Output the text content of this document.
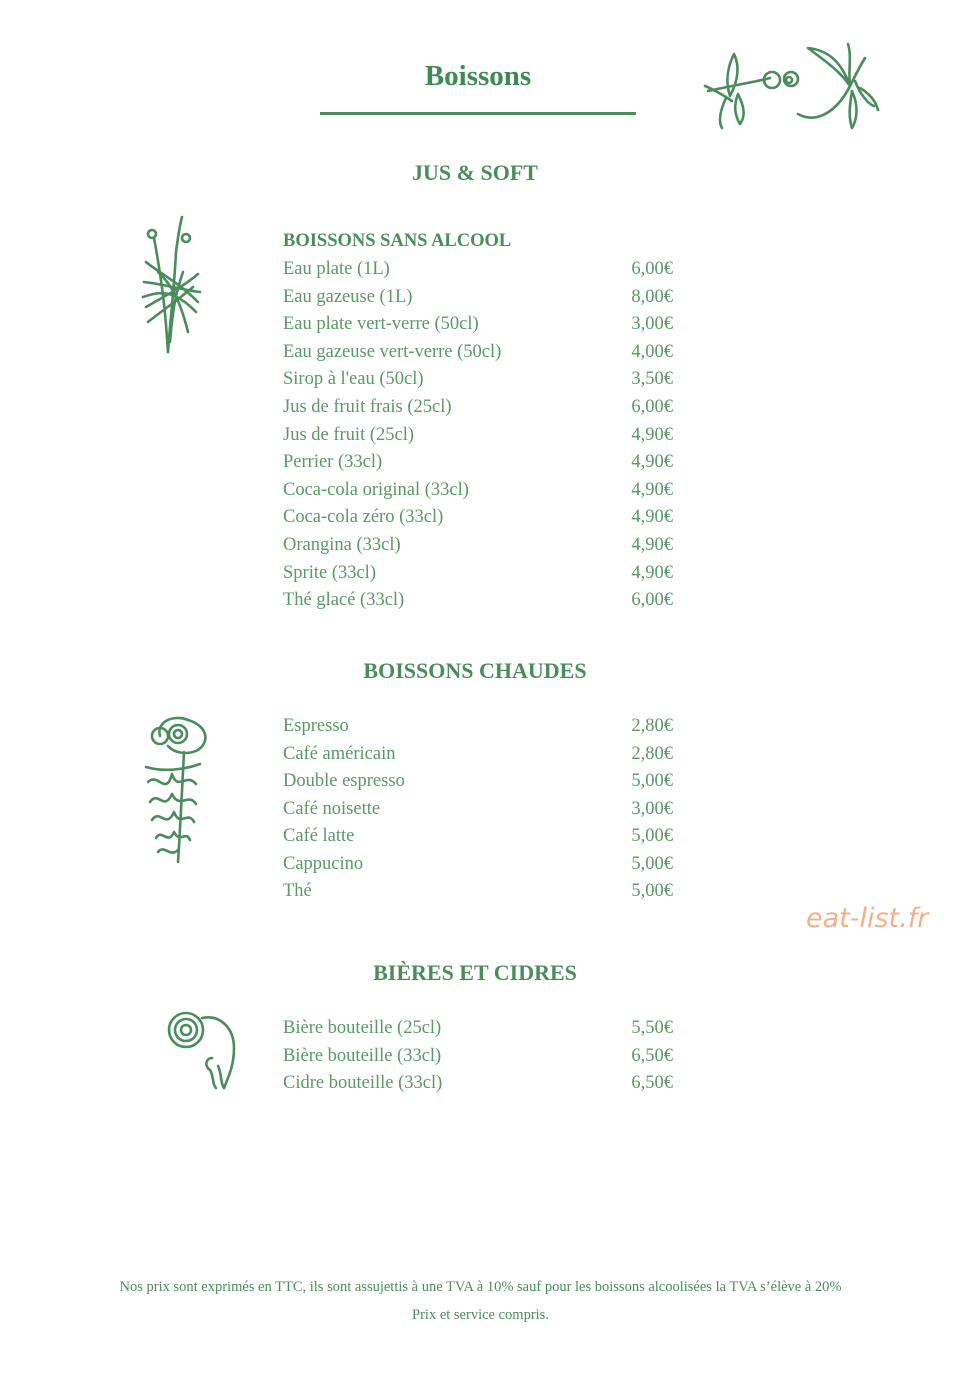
Boissons
JUS & SOFT
BOISSONS SANS ALCOOL
Eau plate (1L)	6,00€
Eau gazeuse (1L)	8,00€
Eau plate vert-verre (50cl)	3,00€
Eau gazeuse vert-verre (50cl)	4,00€
Sirop à l'eau (50cl)	3,50€
Jus de fruit frais (25cl)	6,00€
Jus de fruit (25cl)	4,90€
Perrier (33cl)	4,90€
Coca-cola original (33cl)	4,90€
Coca-cola zéro (33cl)	4,90€
Orangina (33cl)	4,90€
Sprite (33cl)	4,90€
Thé glacé (33cl)	6,00€
BOISSONS CHAUDES
Espresso	2,80€
Café américain	2,80€
Double espresso	5,00€
Café noisette	3,00€
Café latte	5,00€
Cappucino	5,00€
Thé	5,00€
eat-list.fr
BIÈRES ET CIDRES
Bière bouteille (25cl)	5,50€
Bière bouteille (33cl)	6,50€
Cidre bouteille (33cl)	6,50€
Nos prix sont exprimés en TTC, ils sont assujettis à une TVA à 10% sauf pour les boissons alcoolisées la TVA s’élève à 20%
Prix et service compris.
